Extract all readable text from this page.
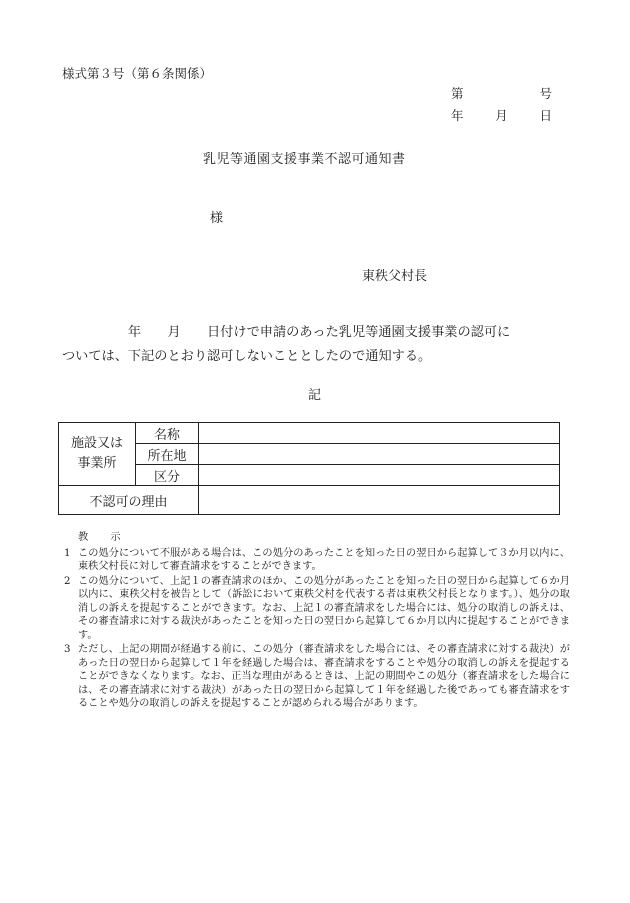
様式第３号（第６条関係）
第	号
年	月	日
乳児等通園支援事業不認可通知書
様
東秩父村長

　　　　　年　　月　　日付けで申請のあった乳児等通園支援事業の認可に

ついては、下記のとおり認可しないこととしたので通知する。

記
施設又は
事業所	名称	
	所在地	
	区分	
不認可の理由		
教　示
1 この処分について不服がある場合は、この処分のあったことを知った日の翌日から起算して３か月以内に、東秩父村長に対して審査請求をすることができます。
2 この処分について、上記１の審査請求のほか、この処分があったことを知った日の翌日から起算して６か月以内に、東秩父村を被告として（訴訟において東秩父村を代表する者は東秩父村長となります。）、処分の取消しの訴えを提起することができます。なお、上記１の審査請求をした場合には、処分の取消しの訴えは、その審査請求に対する裁決があったことを知った日の翌日から起算して６か月以内に提起することができます。
3 ただし、上記の期間が経過する前に、この処分（審査請求をした場合には、その審査請求に対する裁決）があった日の翌日から起算して１年を経過した場合は、審査請求をすることや処分の取消しの訴えを提起することができなくなります。なお、正当な理由があるときは、上記の期間やこの処分（審査請求をした場合には、その審査請求に対する裁決）があった日の翌日から起算して１年を経過した後であっても審査請求をすることや処分の取消しの訴えを提起することが認められる場合があります。
